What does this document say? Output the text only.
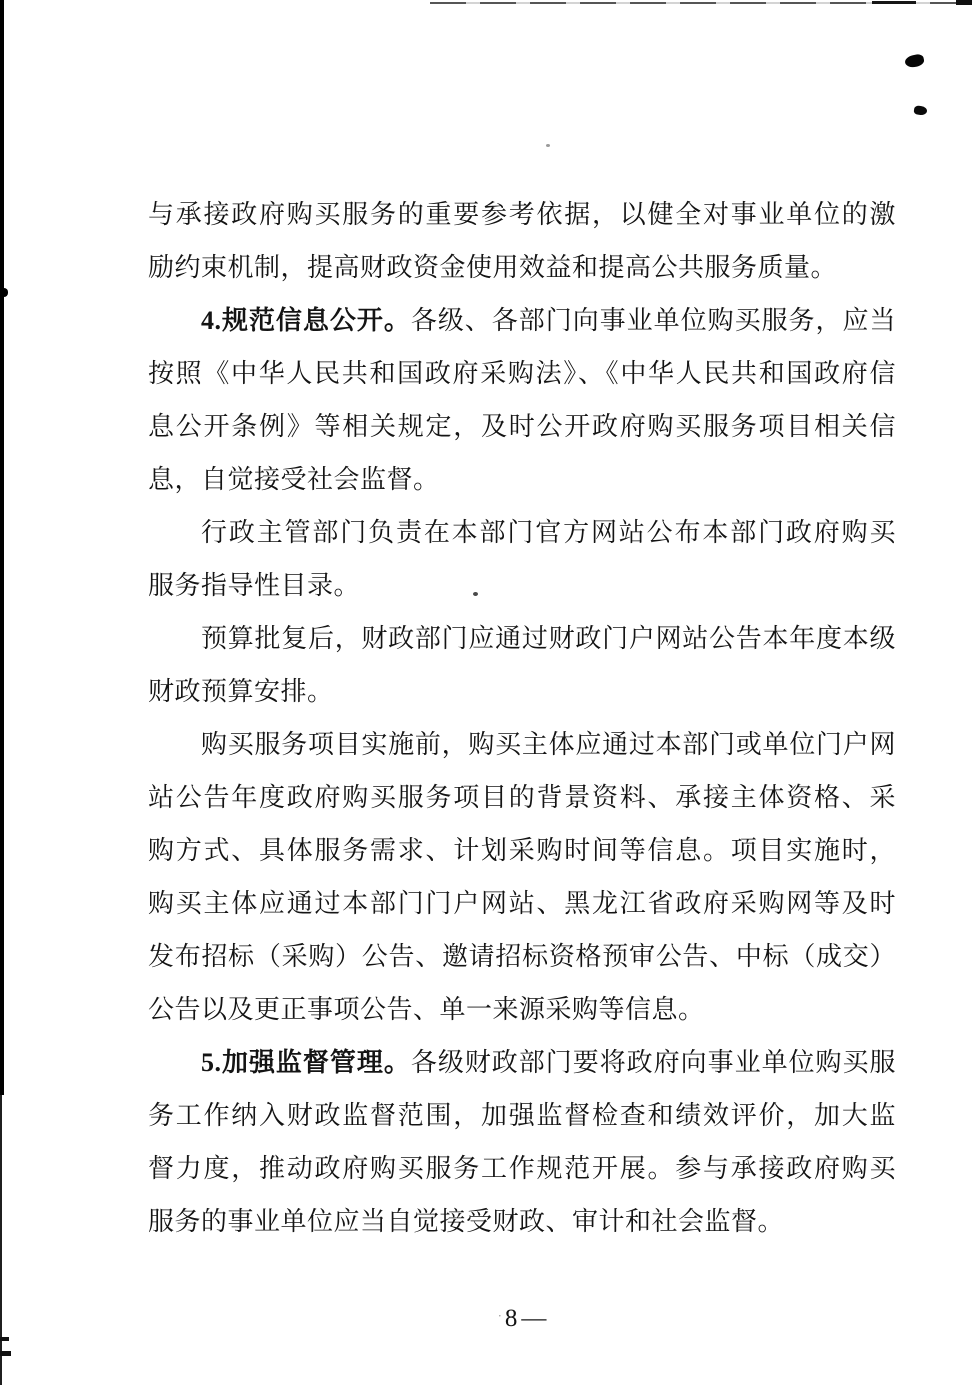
与承接政府购买服务的重要参考依据，以健全对事业单位的激
励约束机制，提高财政资金使用效益和提高公共服务质量。
4.规范信息公开。各级、各部门向事业单位购买服务，应当
按照《中华人民共和国政府采购法》、《中华人民共和国政府信
息公开条例》等相关规定，及时公开政府购买服务项目相关信
息，自觉接受社会监督。
行政主管部门负责在本部门官方网站公布本部门政府购买
服务指导性目录。
预算批复后，财政部门应通过财政门户网站公告本年度本级
财政预算安排。
购买服务项目实施前，购买主体应通过本部门或单位门户网
站公告年度政府购买服务项目的背景资料、承接主体资格、采
购方式、具体服务需求、计划采购时间等信息。项目实施时，
购买主体应通过本部门门户网站、黑龙江省政府采购网等及时
发布招标（采购）公告、邀请招标资格预审公告、中标（成交）
公告以及更正事项公告、单一来源采购等信息。
5.加强监督管理。各级财政部门要将政府向事业单位购买服
务工作纳入财政监督范围，加强监督检查和绩效评价，加大监
督力度，推动政府购买服务工作规范开展。参与承接政府购买
服务的事业单位应当自觉接受财政、审计和社会监督。
· 8 —
